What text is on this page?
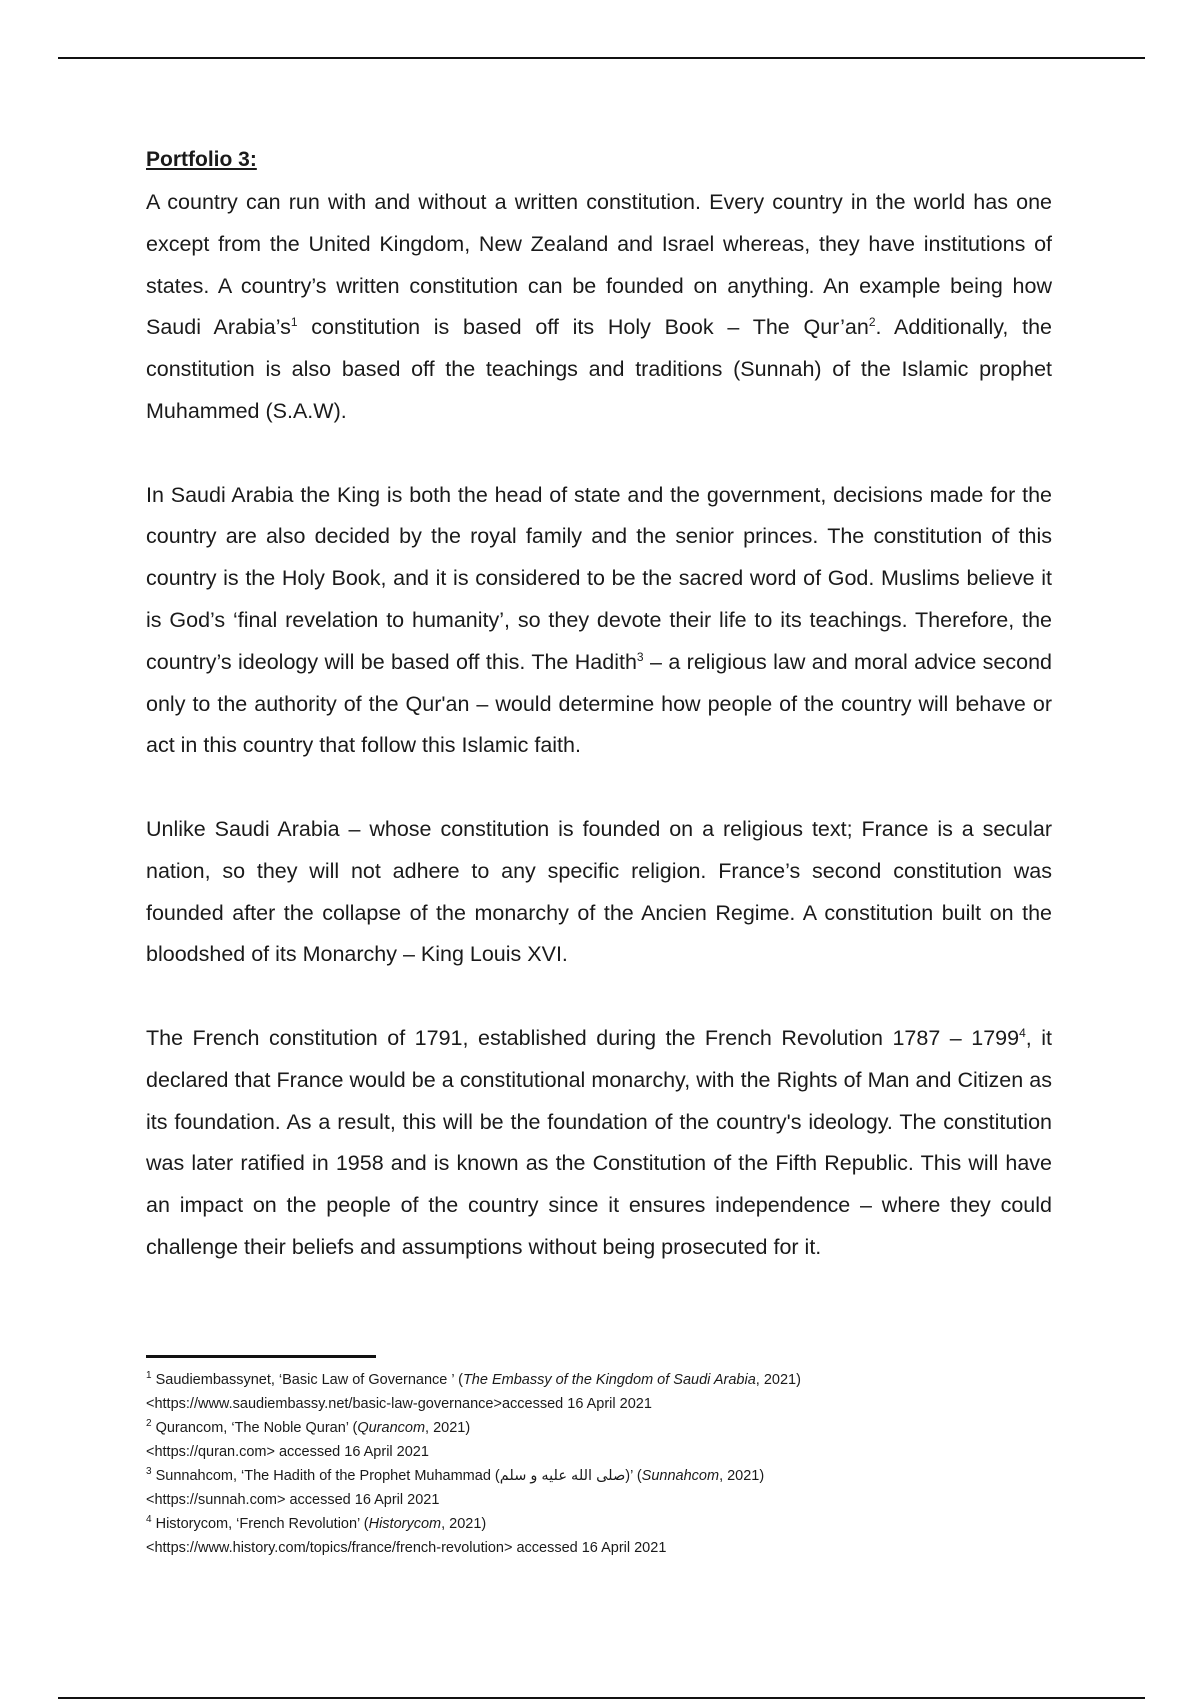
Portfolio 3:

A country can run with and without a written constitution. Every country in the world has one except from the United Kingdom, New Zealand and Israel whereas, they have institutions of states. A country’s written constitution can be founded on anything. An example being how Saudi $Arabia’s^1$ constitution is based off its Holy Book – The $Qur’an^2$. Additionally, the constitution is also based off the teachings and traditions (Sunnah) of the Islamic prophet Muhammed (S.A.W).

In Saudi Arabia the King is both the head of state and the government, decisions made for the country are also decided by the royal family and the senior princes. The constitution of this country is the Holy Book, and it is considered to be the sacred word of God. Muslims believe it is God’s ‘final revelation to humanity’, so they devote their life to its teachings. Therefore, the country’s ideology will be based off this. The Hadith$^3$ – a religious law and moral advice second only to the authority of the Qur'an – would determine how people of the country will behave or act in this country that follow this Islamic faith.

Unlike Saudi Arabia – whose constitution is founded on a religious text; France is a secular nation, so they will not adhere to any specific religion. France’s second constitution was founded after the collapse of the monarchy of the Ancien Regime. A constitution built on the bloodshed of its Monarchy – King Louis XVI.

The French constitution of 1791, established during the French Revolution 1787 – 1799$^4$, it declared that France would be a constitutional monarchy, with the Rights of Man and Citizen as its foundation. As a result, this will be the foundation of the country's ideology. The constitution was later ratified in 1958 and is known as the Constitution of the Fifth Republic. This will have an impact on the people of the country since it ensures independence – where they could challenge their beliefs and assumptions without being prosecuted for it.

$^1$ Saudiembassynet, ‘Basic Law of Governance ’ (The Embassy of the Kingdom of Saudi Arabia, 2021)
<https://www.saudiembassy.net/basic-law-governance>accessed 16 April 2021
$^2$ Qurancom, ‘The Noble Quran’ (Qurancom, 2021)
<https://quran.com> accessed 16 April 2021
$^3$ Sunnahcom, ‘The Hadith of the Prophet Muhammad (صلى الله عليه و سلم)’ (Sunnahcom, 2021)
<https://sunnah.com> accessed 16 April 2021
$^4$ Historycom, ‘French Revolution’ (Historycom, 2021)
<https://www.history.com/topics/france/french-revolution> accessed 16 April 2021
